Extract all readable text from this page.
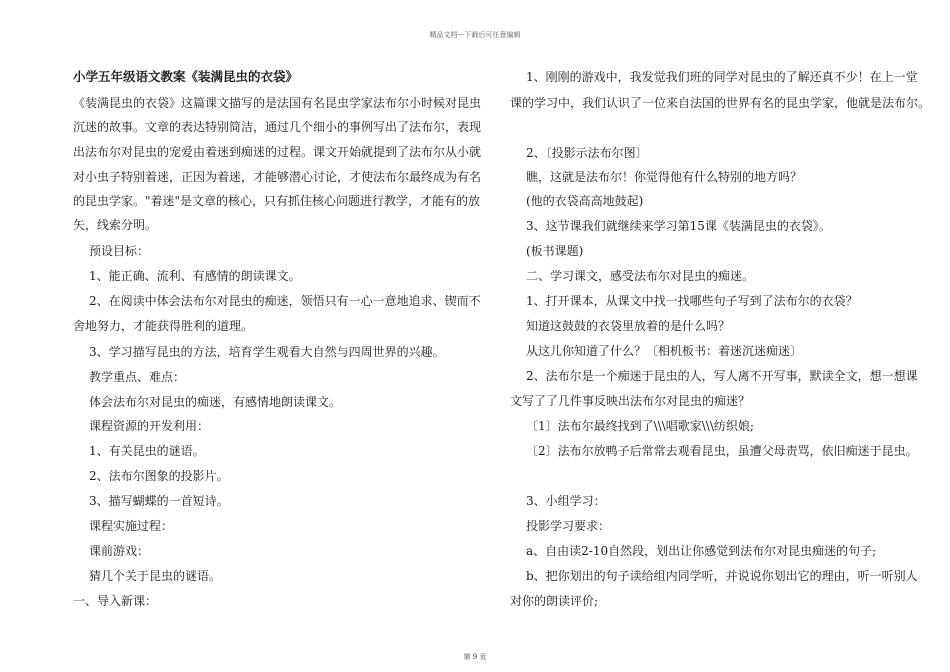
精品文档---下载后可任意编辑
小学五年级语文教案《装满昆虫的衣袋》
《装满昆虫的衣袋》这篇课文描写的是法国有名昆虫学家法布尔小时候对昆虫
沉迷的故事。文章的表达特别简洁，通过几个细小的事例写出了法布尔，表现
出法布尔对昆虫的宠爱由着迷到痴迷的过程。课文开始就提到了法布尔从小就
对小虫子特别着迷，正因为着迷，才能够潜心讨论，才使法布尔最终成为有名
的昆虫学家。"着迷"是文章的核心，只有抓住核心问题进行教学，才能有的放
矢，线索分明。
预设目标：
1、能正确、流利、有感情的朗读课文。
2、在阅读中体会法布尔对昆虫的痴迷，领悟只有一心一意地追求、锲而不
舍地努力，才能获得胜利的道理。
3、学习描写昆虫的方法，培育学生观看大自然与四周世界的兴趣。
教学重点、难点：
体会法布尔对昆虫的痴迷，有感情地朗读课文。
课程资源的开发利用：
1、有关昆虫的谜语。
2、法布尔图象的投影片。
3、描写蝴蝶的一首短诗。
课程实施过程：
课前游戏：
猜几个关于昆虫的谜语。
一、导入新课：
1、刚刚的游戏中，我发觉我们班的同学对昆虫的了解还真不少！在上一堂
课的学习中，我们认识了一位来自法国的世界有名的昆虫学家，他就是法布尔。
2、〔投影示法布尔图〕
瞧，这就是法布尔！你觉得他有什么特别的地方吗？
(他的衣袋高高地鼓起)
3、这节课我们就继续来学习第15课《装满昆虫的衣袋》。
(板书课题)
二、学习课文，感受法布尔对昆虫的痴迷。
1、打开课本，从课文中找一找哪些句子写到了法布尔的衣袋？
知道这鼓鼓的衣袋里放着的是什么吗？
从这儿你知道了什么？〔相机板书：着迷沉迷痴迷〕
2、法布尔是一个痴迷于昆虫的人，写人离不开写事，默读全文，想一想课
文写了了几件事反映出法布尔对昆虫的痴迷？
〔1〕法布尔最终找到了\\\唱歌家\\\纺织娘;
〔2〕法布尔放鸭子后常常去观看昆虫，虽遭父母责骂，依旧痴迷于昆虫。
3、小组学习：
投影学习要求：
a、自由读2-10自然段，划出让你感觉到法布尔对昆虫痴迷的句子;
b、把你划出的句子读给组内同学听，并说说你划出它的理由，听一听别人
对你的朗读评价;
第 9 页
